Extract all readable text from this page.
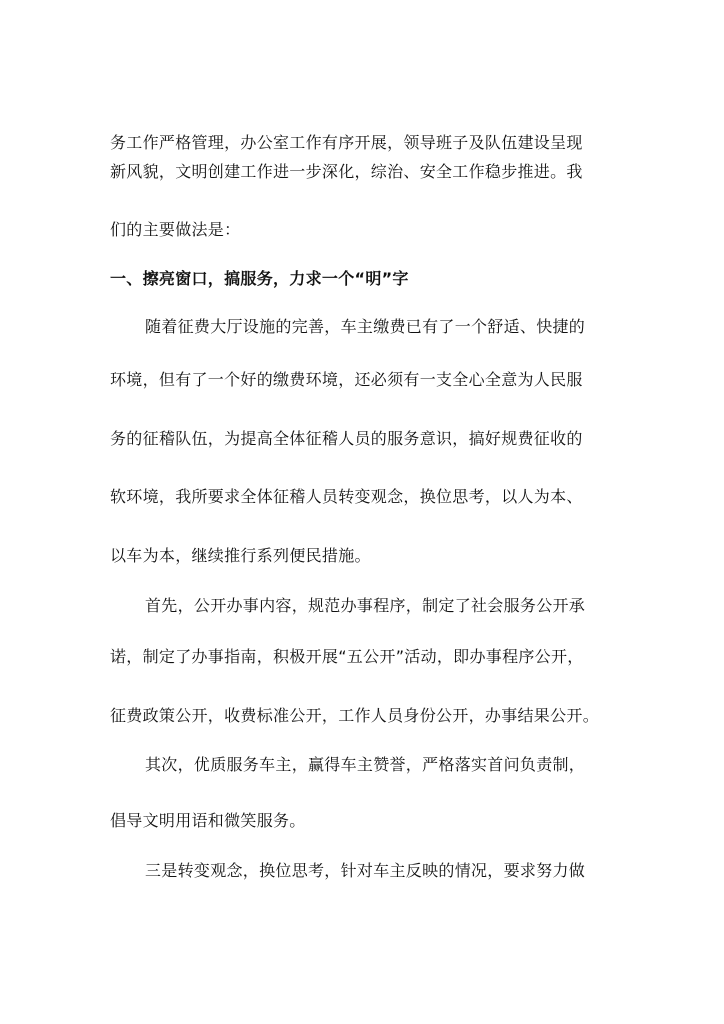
务工作严格管理，办公室工作有序开展，领导班子及队伍建设呈现
新风貌，文明创建工作进一步深化，综治、安全工作稳步推进。我
们的主要做法是：
一、擦亮窗口，搞服务，力求一个“明”字
随着征费大厅设施的完善，车主缴费已有了一个舒适、快捷的
环境，但有了一个好的缴费环境，还必须有一支全心全意为人民服
务的征稽队伍，为提高全体征稽人员的服务意识，搞好规费征收的
软环境，我所要求全体征稽人员转变观念，换位思考，以人为本、
以车为本，继续推行系列便民措施。
首先，公开办事内容，规范办事程序，制定了社会服务公开承
诺，制定了办事指南，积极开展“五公开”活动，即办事程序公开，
征费政策公开，收费标准公开，工作人员身份公开，办事结果公开。
其次，优质服务车主，赢得车主赞誉，严格落实首问负责制，
倡导文明用语和微笑服务。
三是转变观念，换位思考，针对车主反映的情况，要求努力做
